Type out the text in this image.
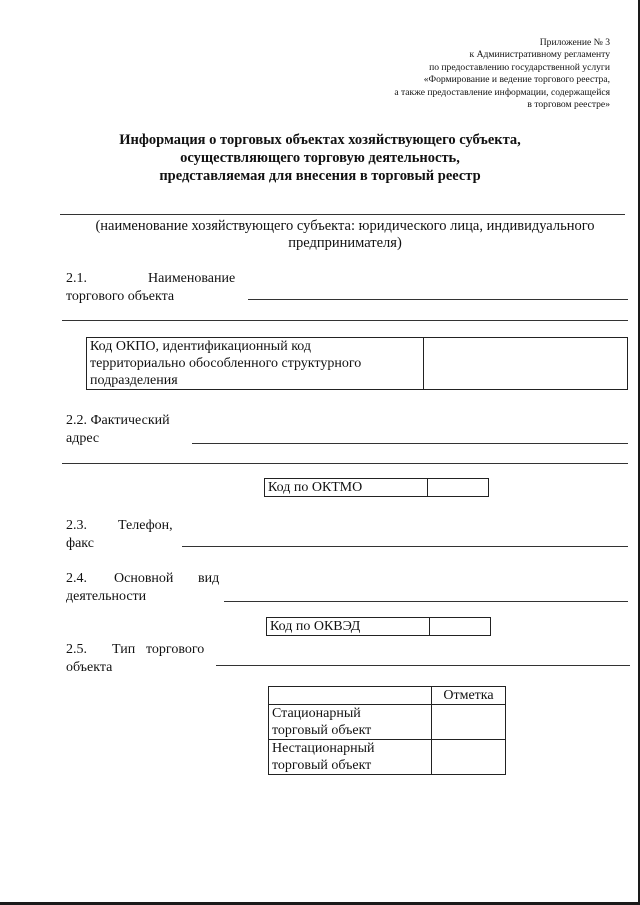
Приложение № 3
к Административному регламенту
по предоставлению государственной услуги
«Формирование и ведение торгового реестра,
а также предоставление информации, содержащейся
в торговом реестре»
Информация о торговых объектах хозяйствующего субъекта,
осуществляющего торговую деятельность,
представляемая для внесения в торговый реестр
(наименование хозяйствующего субъекта: юридического лица, индивидуального
предпринимателя)
2.1.	Наименование
торгового объекта
Код ОКПО, идентификационный код
территориально обособленного структурного
подразделения

2.2. Фактический
адрес
Код по ОКТМО	
2.3. Телефон,
факс
2.4. Основной вид
деятельности
Код по ОКВЭД	
2.5. Тип торгового
объекта
	Отметка

Стационарный
торговый объект	

Нестационарный
торговый объект	
